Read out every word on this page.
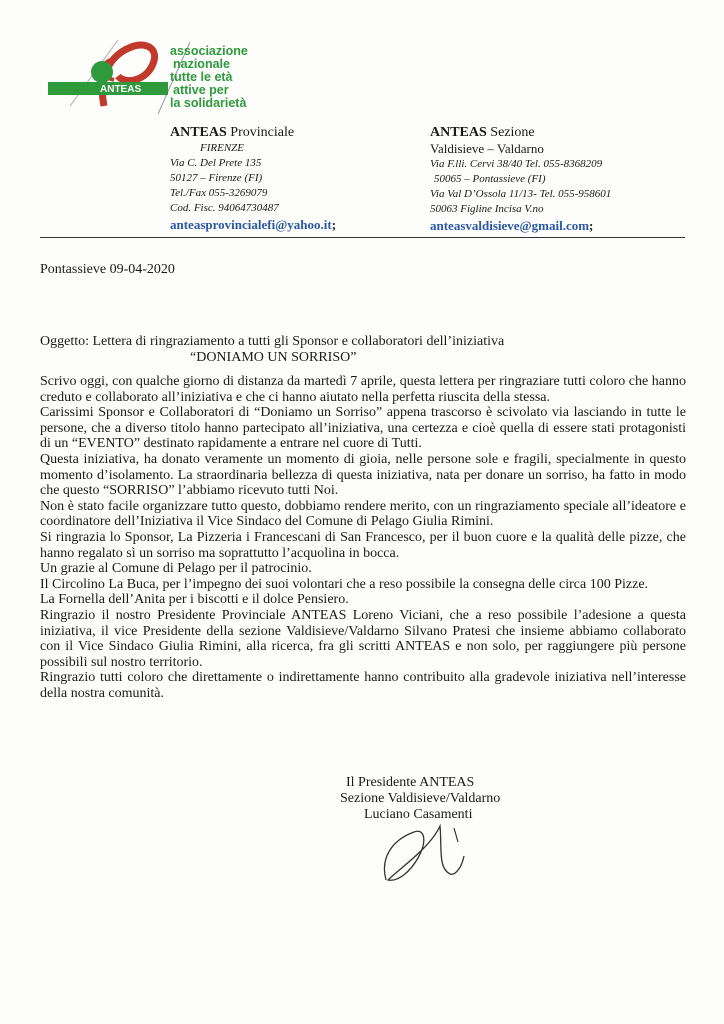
ANTEAS
associazione
nazionale
tutte le età
attive per
la solidarietà
ANTEAS Provinciale
FIRENZE
Via C. Del Prete 135
50127 – Firenze (FI)
Tel./Fax 055-3269079
Cod. Fisc. 94064730487
anteasprovincialefi@yahoo.it;
ANTEAS Sezione
Valdisieve – Valdarno
Via F.lli. Cervi 38/40 Tel. 055-8368209
50065 – Pontassieve (FI)
Via Val D’Ossola 11/13- Tel. 055-958601
50063 Figline Incisa V.no
anteasvaldisieve@gmail.com;
Pontassieve 09-04-2020
Oggetto: Lettera di ringraziamento a tutti gli Sponsor e collaboratori dell’iniziativa
“DONIAMO UN SORRISO”

Scrivo oggi, con qualche giorno di distanza da martedì 7 aprile, questa lettera per ringraziare tutti coloro che hanno creduto e collaborato all’iniziativa e che ci hanno aiutato nella perfetta riuscita della stessa.

Carissimi Sponsor e Collaboratori di “Doniamo un Sorriso” appena trascorso è scivolato via lasciando in tutte le persone, che a diverso titolo hanno partecipato all’iniziativa, una certezza e cioè quella di essere stati protagonisti di un “EVENTO” destinato rapidamente a entrare nel cuore di Tutti.

Questa iniziativa, ha donato veramente un momento di gioia, nelle persone sole e fragili, specialmente in questo momento d’isolamento. La straordinaria bellezza di questa iniziativa, nata per donare un sorriso, ha fatto in modo che questo “SORRISO” l’abbiamo ricevuto tutti Noi.

Non è stato facile organizzare tutto questo, dobbiamo rendere merito, con un ringraziamento speciale all’ideatore e coordinatore dell’Iniziativa il Vice Sindaco del Comune di Pelago Giulia Rimini.

Si ringrazia lo Sponsor, La Pizzeria i Francescani di San Francesco, per il buon cuore e la qualità delle pizze, che hanno regalato sì un sorriso ma soprattutto l’acquolina in bocca.

Un grazie al Comune di Pelago per il patrocinio.

Il Circolino La Buca, per l’impegno dei suoi volontari che a reso possibile la consegna delle circa 100 Pizze.

La Fornella dell’Anita per i biscotti e il dolce Pensiero.

Ringrazio il nostro Presidente Provinciale ANTEAS Loreno Viciani, che a reso possibile l’adesione a questa iniziativa, il vice Presidente della sezione Valdisieve/Valdarno Silvano Pratesi che insieme abbiamo collaborato con il Vice Sindaco Giulia Rimini, alla ricerca, fra gli scritti ANTEAS e non solo, per raggiungere più persone possibili sul nostro territorio.

Ringrazio tutti coloro che direttamente o indirettamente hanno contribuito alla gradevole iniziativa nell’interesse della nostra comunità.

Il Presidente ANTEAS
Sezione Valdisieve/Valdarno
Luciano Casamenti
